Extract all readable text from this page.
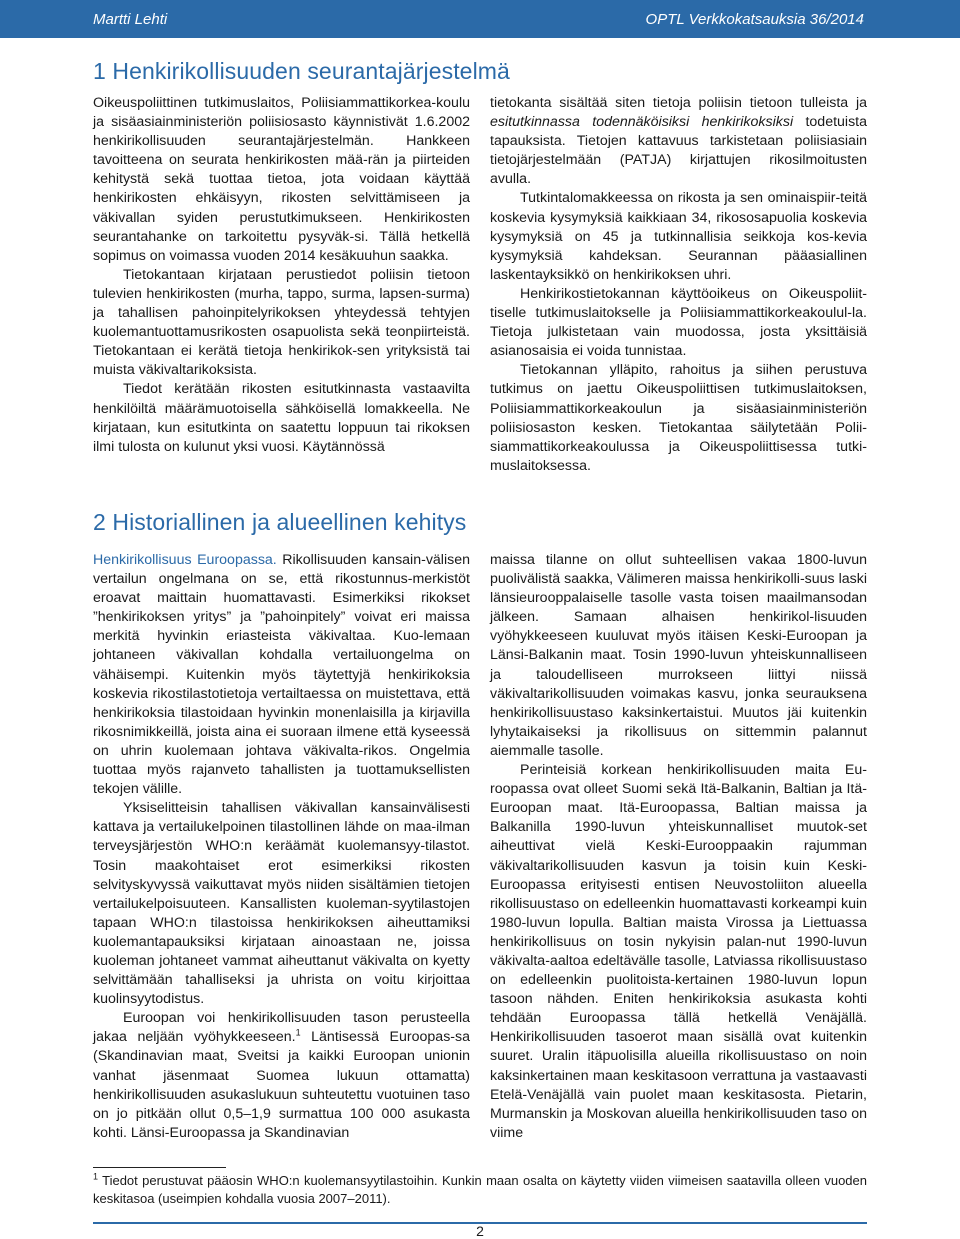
Martti Lehti	OPTL Verkkokatsauksia 36/2014
1 Henkirikollisuuden seurantajärjestelmä

Oikeuspoliittinen tutkimuslaitos, Poliisiammattikorkea-koulu ja sisäasiainministeriön poliisiosasto käynnistivät 1.6.2002 henkirikollisuuden seurantajärjestelmän. Hankkeen tavoitteena on seurata henkirikosten mää-rän ja piirteiden kehitystä sekä tuottaa tietoa, jota voidaan käyttää henkirikosten ehkäisyyn, rikosten selvittämiseen ja väkivallan syiden perustutkimukseen. Henkirikosten seurantahanke on tarkoitettu pysyväk-si. Tällä hetkellä sopimus on voimassa vuoden 2014 kesäkuuhun saakka.

Tietokantaan kirjataan perustiedot poliisin tietoon tulevien henkirikosten (murha, tappo, surma, lapsen-surma) ja tahallisen pahoinpitelyrikoksen yhteydessä tehtyjen kuolemantuottamusrikosten osapuolista sekä teonpiirteistä. Tietokantaan ei kerätä tietoja henkirikok-sen yrityksistä tai muista väkivaltarikoksista.

Tiedot kerätään rikosten esitutkinnasta vastaavilta henkilöiltä määrämuotoisella sähköisellä lomakkeella. Ne kirjataan, kun esitutkinta on saatettu loppuun tai rikoksen ilmi tulosta on kulunut yksi vuosi. Käytännössä

tietokanta sisältää siten tietoja poliisin tietoon tulleista ja esitutkinnassa todennäköisiksi henkirikoksiksi todetuista tapauksista. Tietojen kattavuus tarkistetaan poliisiasiain tietojärjestelmään (PATJA) kirjattujen rikosilmoitusten avulla.

Tutkintalomakkeessa on rikosta ja sen ominaispiir-teitä koskevia kysymyksiä kaikkiaan 34, rikososapuolia koskevia kysymyksiä on 45 ja tutkinnallisia seikkoja kos-kevia kysymyksiä kahdeksan. Seurannan pääasiallinen laskentayksikkö on henkirikoksen uhri.

Henkirikostietokannan käyttöoikeus on Oikeuspoliit-tiselle tutkimuslaitokselle ja Poliisiammattikorkeakoulul-la. Tietoja julkistetaan vain muodossa, josta yksittäisiä asianosaisia ei voida tunnistaa.

Tietokannan ylläpito, rahoitus ja siihen perustuva tutkimus on jaettu Oikeuspoliittisen tutkimuslaitoksen, Poliisiammattikorkeakoulun ja sisäasiainministeriön poliisiosaston kesken. Tietokantaa säilytetään Polii-siammattikorkeakoulussa ja Oikeuspoliittisessa tutki-muslaitoksessa.

2 Historiallinen ja alueellinen kehitys

Henkirikollisuus Euroopassa. Rikollisuuden kansain-välisen vertailun ongelmana on se, että rikostunnus-merkistöt eroavat maittain huomattavasti. Esimerkiksi rikokset ”henkirikoksen yritys” ja ”pahoinpitely” voivat eri maissa merkitä hyvinkin eriasteista väkivaltaa. Kuo-lemaan johtaneen väkivallan kohdalla vertailuongelma on vähäisempi. Kuitenkin myös täytettyjä henkirikoksia koskevia rikostilastotietoja vertailtaessa on muistettava, että henkirikoksia tilastoidaan hyvinkin monenlaisilla ja kirjavilla rikosnimikkeillä, joista aina ei suoraan ilmene että kyseessä on uhrin kuolemaan johtava väkivalta-rikos. Ongelmia tuottaa myös rajanveto tahallisten ja tuottamuksellisten tekojen välille.

Yksiselitteisin tahallisen väkivallan kansainvälisesti kattava ja vertailukelpoinen tilastollinen lähde on maa-ilman terveysjärjestön WHO:n keräämät kuolemansyy-tilastot. Tosin maakohtaiset erot esimerkiksi rikosten selvityskyvyssä vaikuttavat myös niiden sisältämien tietojen vertailukelpoisuuteen. Kansallisten kuoleman-syytilastojen tapaan WHO:n tilastoissa henkirikoksen aiheuttamiksi kuolemantapauksiksi kirjataan ainoastaan ne, joissa kuoleman johtaneet vammat aiheuttanut väkivalta on kyetty selvittämään tahalliseksi ja uhrista on voitu kirjoittaa kuolinsyytodistus.

Euroopan voi henkirikollisuuden tason perusteella jakaa neljään vyöhykkeeseen.$^1$ Läntisessä Euroopas-sa (Skandinavian maat, Sveitsi ja kaikki Euroopan unionin vanhat jäsenmaat Suomea lukuun ottamatta) henkirikollisuuden asukaslukuun suhteutettu vuotuinen taso on jo pitkään ollut 0,5–1,9 surmattua 100 000 asukasta kohti. Länsi-Euroopassa ja Skandinavian

maissa tilanne on ollut suhteellisen vakaa 1800-luvun puolivälistä saakka, Välimeren maissa henkirikolli-suus laski länsieurooppalaiselle tasolle vasta toisen maailmansodan jälkeen. Samaan alhaisen henkirikol-lisuuden vyöhykkeeseen kuuluvat myös itäisen Keski-Euroopan ja Länsi-Balkanin maat. Tosin 1990-luvun yhteiskunnalliseen ja taloudelliseen murrokseen liittyi niissä väkivaltarikollisuuden voimakas kasvu, jonka seurauksena henkirikollisuustaso kaksinkertaistui. Muutos jäi kuitenkin lyhytaikaiseksi ja rikollisuus on sittemmin palannut aiemmalle tasolle.

Perinteisiä korkean henkirikollisuuden maita Eu-roopassa ovat olleet Suomi sekä Itä-Balkanin, Baltian ja Itä-Euroopan maat. Itä-Euroopassa, Baltian maissa ja Balkanilla 1990-luvun yhteiskunnalliset muutok-set aiheuttivat vielä Keski-Eurooppaakin rajumman väkivaltarikollisuuden kasvun ja toisin kuin Keski-Euroopassa erityisesti entisen Neuvostoliiton alueella rikollisuustaso on edelleenkin huomattavasti korkeampi kuin 1980-luvun lopulla. Baltian maista Virossa ja Liettuassa henkirikollisuus on tosin nykyisin palan-nut 1990-luvun väkivalta-aaltoa edeltävälle tasolle, Latviassa rikollisuustaso on edelleenkin puolitoista-kertainen 1980-luvun lopun tasoon nähden. Eniten henkirikoksia asukasta kohti tehdään Euroopassa tällä hetkellä Venäjällä. Henkirikollisuuden tasoerot maan sisällä ovat kuitenkin suuret. Uralin itäpuolisilla alueilla rikollisuustaso on noin kaksinkertainen maan keskitasoon verrattuna ja vastaavasti Etelä-Venäjällä vain puolet maan keskitasosta. Pietarin, Murmanskin ja Moskovan alueilla henkirikollisuuden taso on viime

$^1$ Tiedot perustuvat pääosin WHO:n kuolemansyytilastoihin. Kunkin maan osalta on käytetty viiden viimeisen saatavilla olleen vuoden keskitasoa (useimpien kohdalla vuosia 2007–2011).
2
